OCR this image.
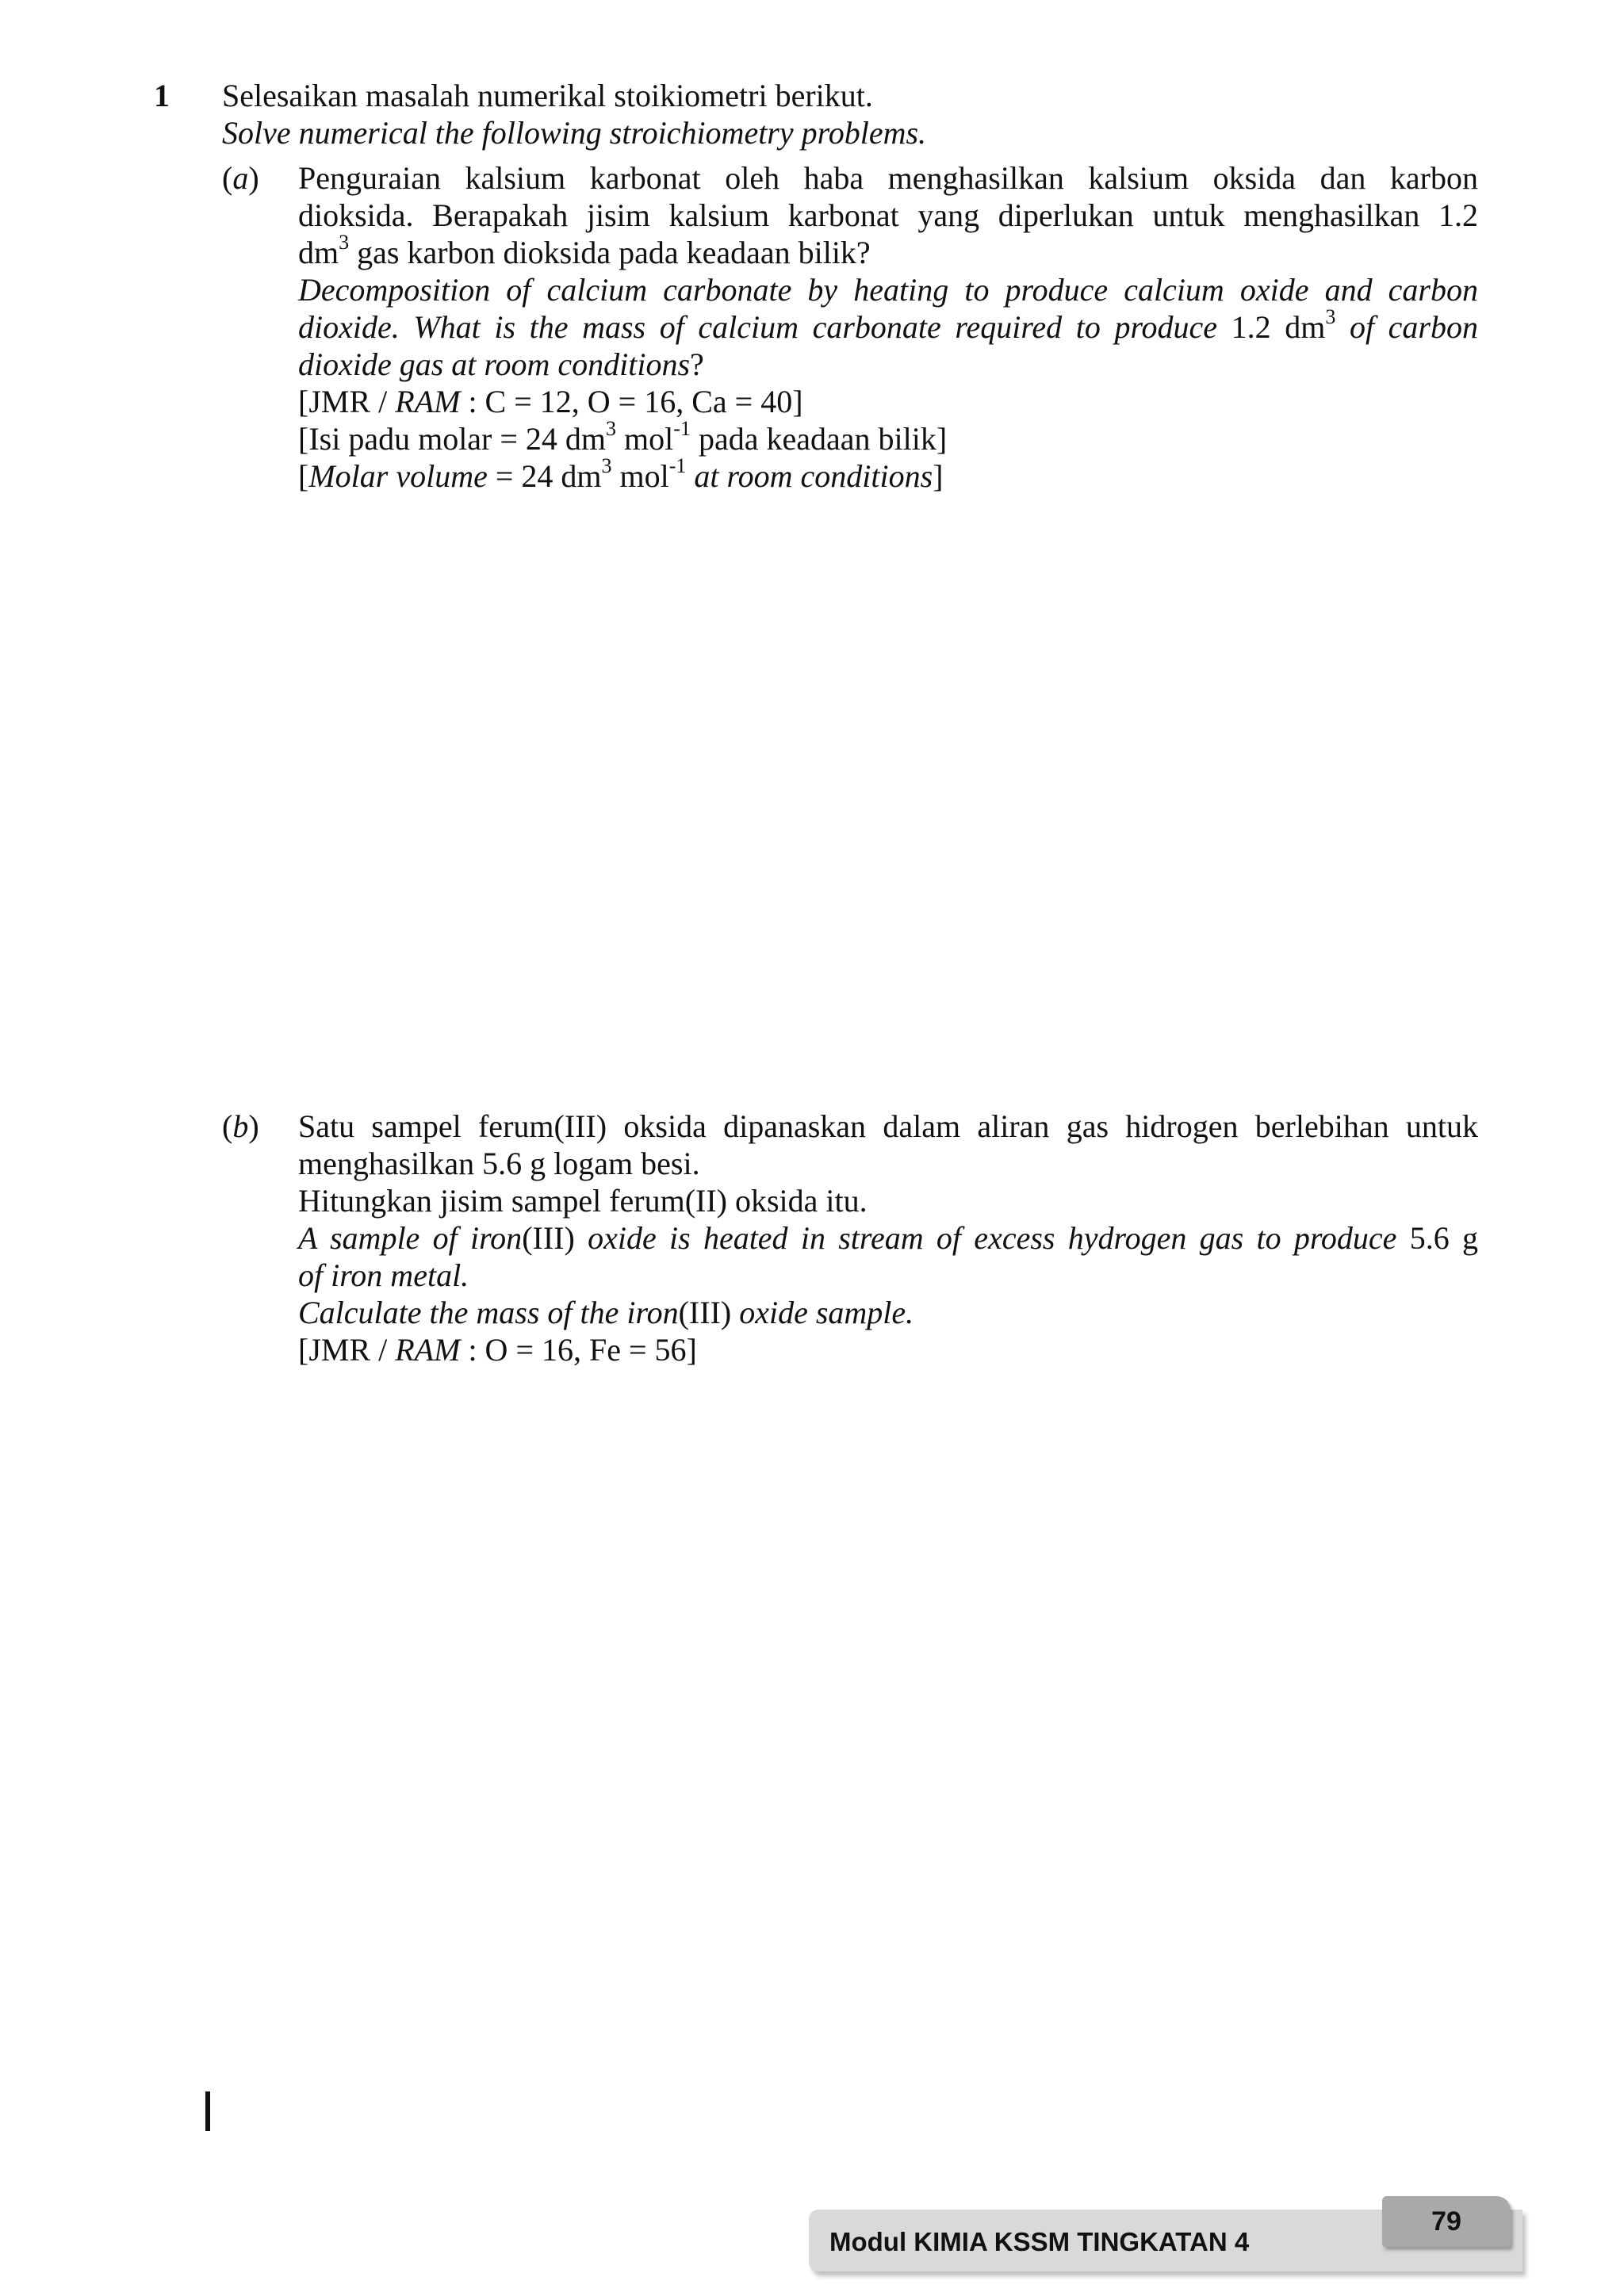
1 Selesaikan masalah numerikal stoikiometri berikut.
Solve numerical the following stroichiometry problems.
(a) Penguraian kalsium karbonat oleh haba menghasilkan kalsium oksida dan karbon
dioksida. Berapakah jisim kalsium karbonat yang diperlukan untuk menghasilkan 1.2
$dm^3$ gas karbon dioksida pada keadaan bilik?
Decomposition of calcium carbonate by heating to produce calcium oxide and carbon
dioxide. What is the mass of calcium carbonate required to produce 1.2 $dm^3$ of carbon
dioxide gas at room conditions?
[JMR / RAM : C = 12, O = 16, Ca = 40]
[Isi padu molar = 24 $dm^3$ mol$^{-1}$ pada keadaan bilik]
[Molar volume = 24 $dm^3$ mol$^{-1}$ at room conditions]
(b) Satu sampel ferum(III) oksida dipanaskan dalam aliran gas hidrogen berlebihan untuk
menghasilkan 5.6 g logam besi.
Hitungkan jisim sampel ferum(II) oksida itu.
A sample of iron(III) oxide is heated in stream of excess hydrogen gas to produce 5.6 g
of iron metal.
Calculate the mass of the iron(III) oxide sample.
[JMR / RAM : O = 16, Fe = 56]
Modul KIMIA KSSM TINGKATAN 4
79
